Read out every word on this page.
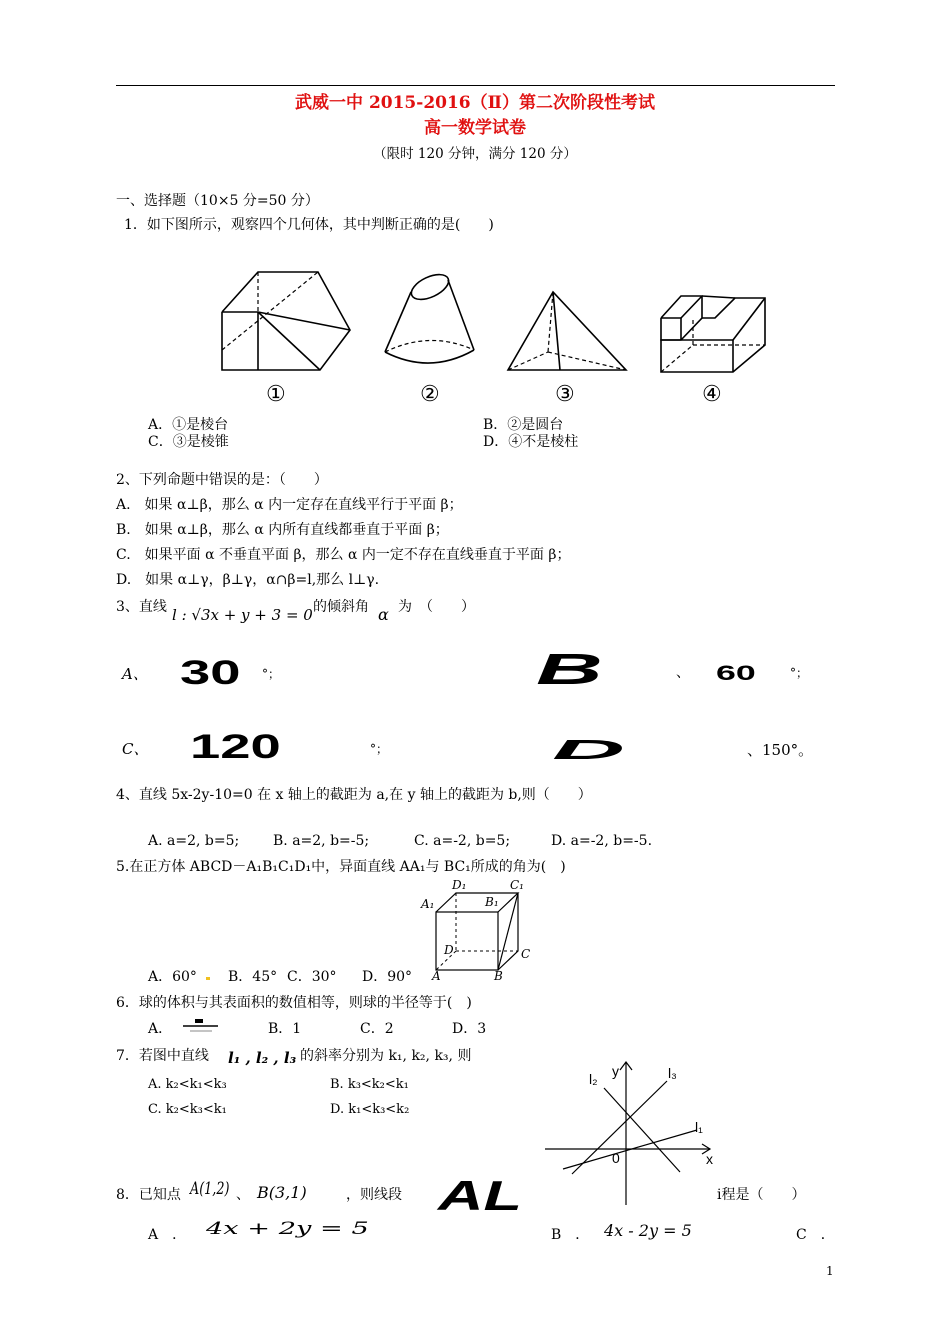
武威一中 2015-2016（Ⅱ）第二次阶段性考试
高一数学试卷
（限时 120 分钟，满分 120 分）
一、选择题（10×5 分=50 分）
1．如下图所示，观察四个几何体，其中判断正确的是(　　)
①	②	③	④
A．①是棱台	B．②是圆台
C．③是棱锥	D．④不是棱柱
2、下列命题中错误的是：（　　）
A.　如果 α⊥β，那么 α 内一定存在直线平行于平面 β；
B.　如果 α⊥β，那么 α 内所有直线都垂直于平面 β；
C.　如果平面 α 不垂直平面 β，那么 α 内一定不存在直线垂直于平面 β；
D.　如果 α⊥γ，β⊥γ，α∩β=l,那么 l⊥γ.
3、直线 l : √3x + y + 3 = 0 的倾斜角 α 为　（　　）
A、 30 °；	B	、 60	°；
C、 120	°；	D	、150°。
4、直线 5x-2y-10=0 在 x 轴上的截距为 a,在 y 轴上的截距为 b,则（　　）
A. a=2, b=5; B. a=2, b=-5;	C. a=-2, b=5;	D. a=-2, b=-5.
5.在正方体 ABCD－A₁B₁C₁D₁中，异面直线 AA₁与 BC₁所成的角为(　)
D₁	C₁
A₁	B₁
D	C
A	B
A．60° B．45° C．30° D．90°
6．球的体积与其表面积的数值相等，则球的半径等于(　)
A．	B．1	C．2	D．3
7．若图中直线 l₁ , l₂ , l₃ 的斜率分别为 k₁, k₂, k₃, 则
A. k₂<k₁<k₃	B. k₃<k₂<k₁
C. k₂<k₃<k₁	D. k₁<k₃<k₂
y
x
0
l₁
l₂	l₃
8．已知点 A(1,2) 、 B(3,1)	，则线段 AL	i程是（　　）
A　． 4x + 2y = 5	B　． 4x - 2y = 5	C　．
1
